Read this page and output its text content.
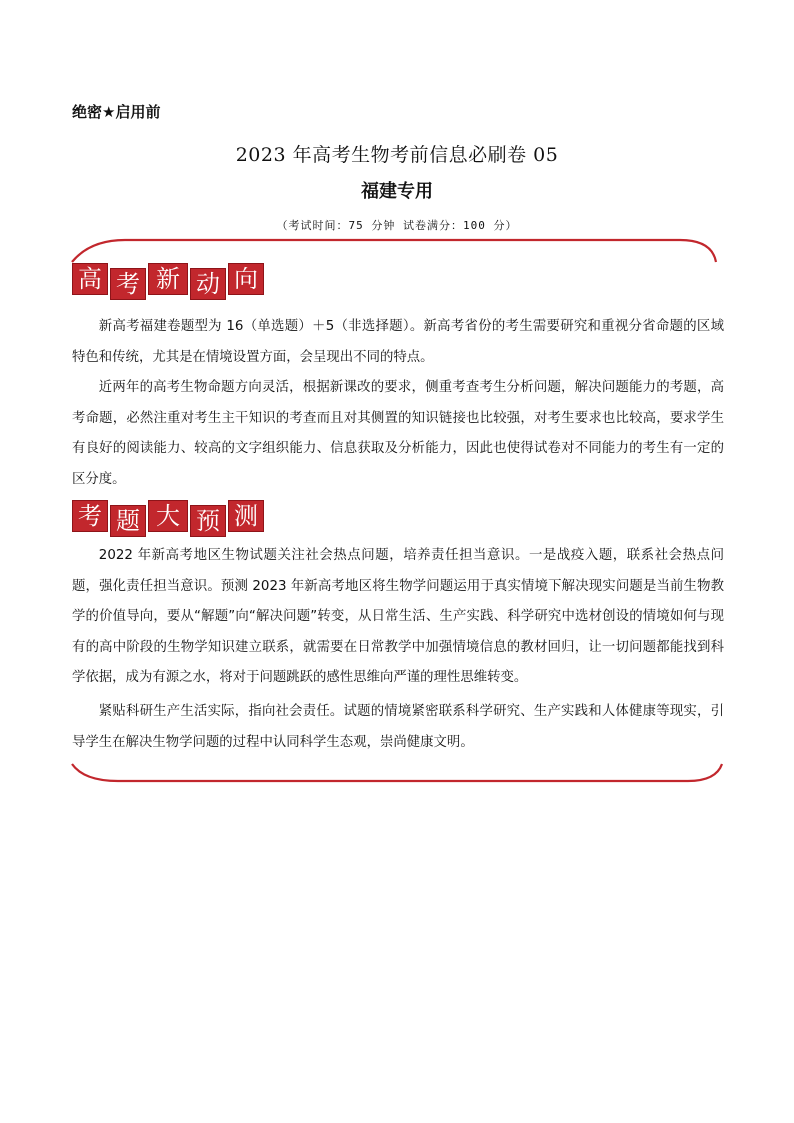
绝密★启用前
2023 年高考生物考前信息必刷卷 05
福建专用
（考试时间：75 分钟 试卷满分：100 分）
高 考 新 动 向

新高考福建卷题型为 16（单选题）＋5（非选择题）。新高考省份的考生需要研究和重视分省命题的区域特色和传统，尤其是在情境设置方面，会呈现出不同的特点。

近两年的高考生物命题方向灵活，根据新课改的要求，侧重考查考生分析问题，解决问题能力的考题，高考命题，必然注重对考生主干知识的考查而且对其侧置的知识链接也比较强，对考生要求也比较高，要求学生有良好的阅读能力、较高的文字组织能力、信息获取及分析能力，因此也使得试卷对不同能力的考生有一定的区分度。

考 题 大 预 测

2022 年新高考地区生物试题关注社会热点问题，培养责任担当意识。一是战疫入题，联系社会热点问题，强化责任担当意识。预测 2023 年新高考地区将生物学问题运用于真实情境下解决现实问题是当前生物教学的价值导向，要从“解题”向“解决问题”转变，从日常生活、生产实践、科学研究中选材创设的情境如何与现有的高中阶段的生物学知识建立联系，就需要在日常教学中加强情境信息的教材回归，让一切问题都能找到科学依据，成为有源之水，将对于问题跳跃的感性思维向严谨的理性思维转变。

紧贴科研生产生活实际，指向社会责任。试题的情境紧密联系科学研究、生产实践和人体健康等现实，引导学生在解决生物学问题的过程中认同科学生态观，崇尚健康文明。
